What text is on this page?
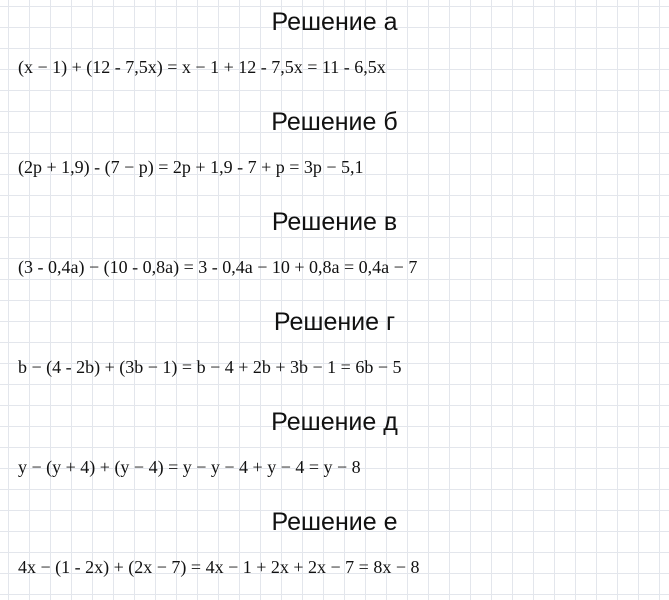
Решение а
(x − 1) + (12 - 7,5x) = x − 1 + 12 - 7,5x = 11 - 6,5x
Решение б
(2p + 1,9) - (7 − p) = 2p + 1,9 - 7 + p = 3p − 5,1
Решение в
(3 - 0,4a) − (10 - 0,8a) = 3 - 0,4a − 10 + 0,8a = 0,4a − 7
Решение г
b − (4 - 2b) + (3b − 1) = b − 4 + 2b + 3b − 1 = 6b − 5
Решение д
y − (y + 4) + (y − 4) = y − y − 4 + y − 4 = y − 8
Решение е
4x − (1 - 2x) + (2x − 7) = 4x − 1 + 2x + 2x − 7 = 8x − 8
